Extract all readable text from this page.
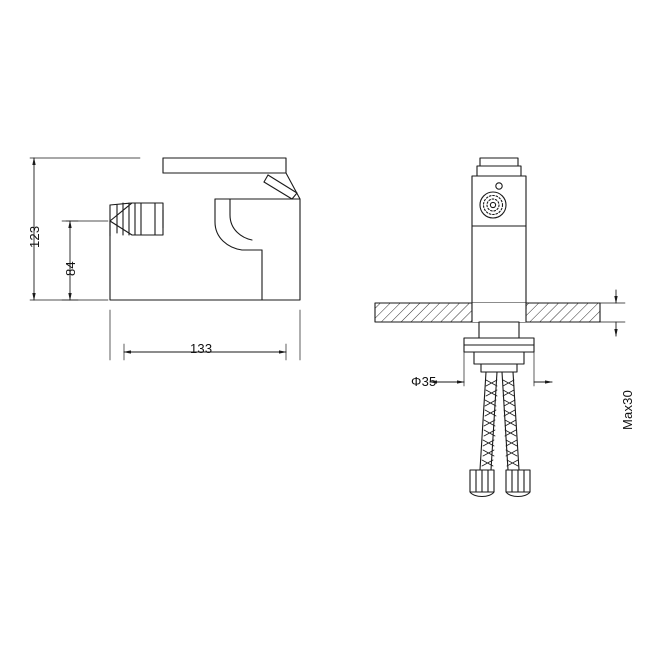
123
84
133
Φ35
Max30
